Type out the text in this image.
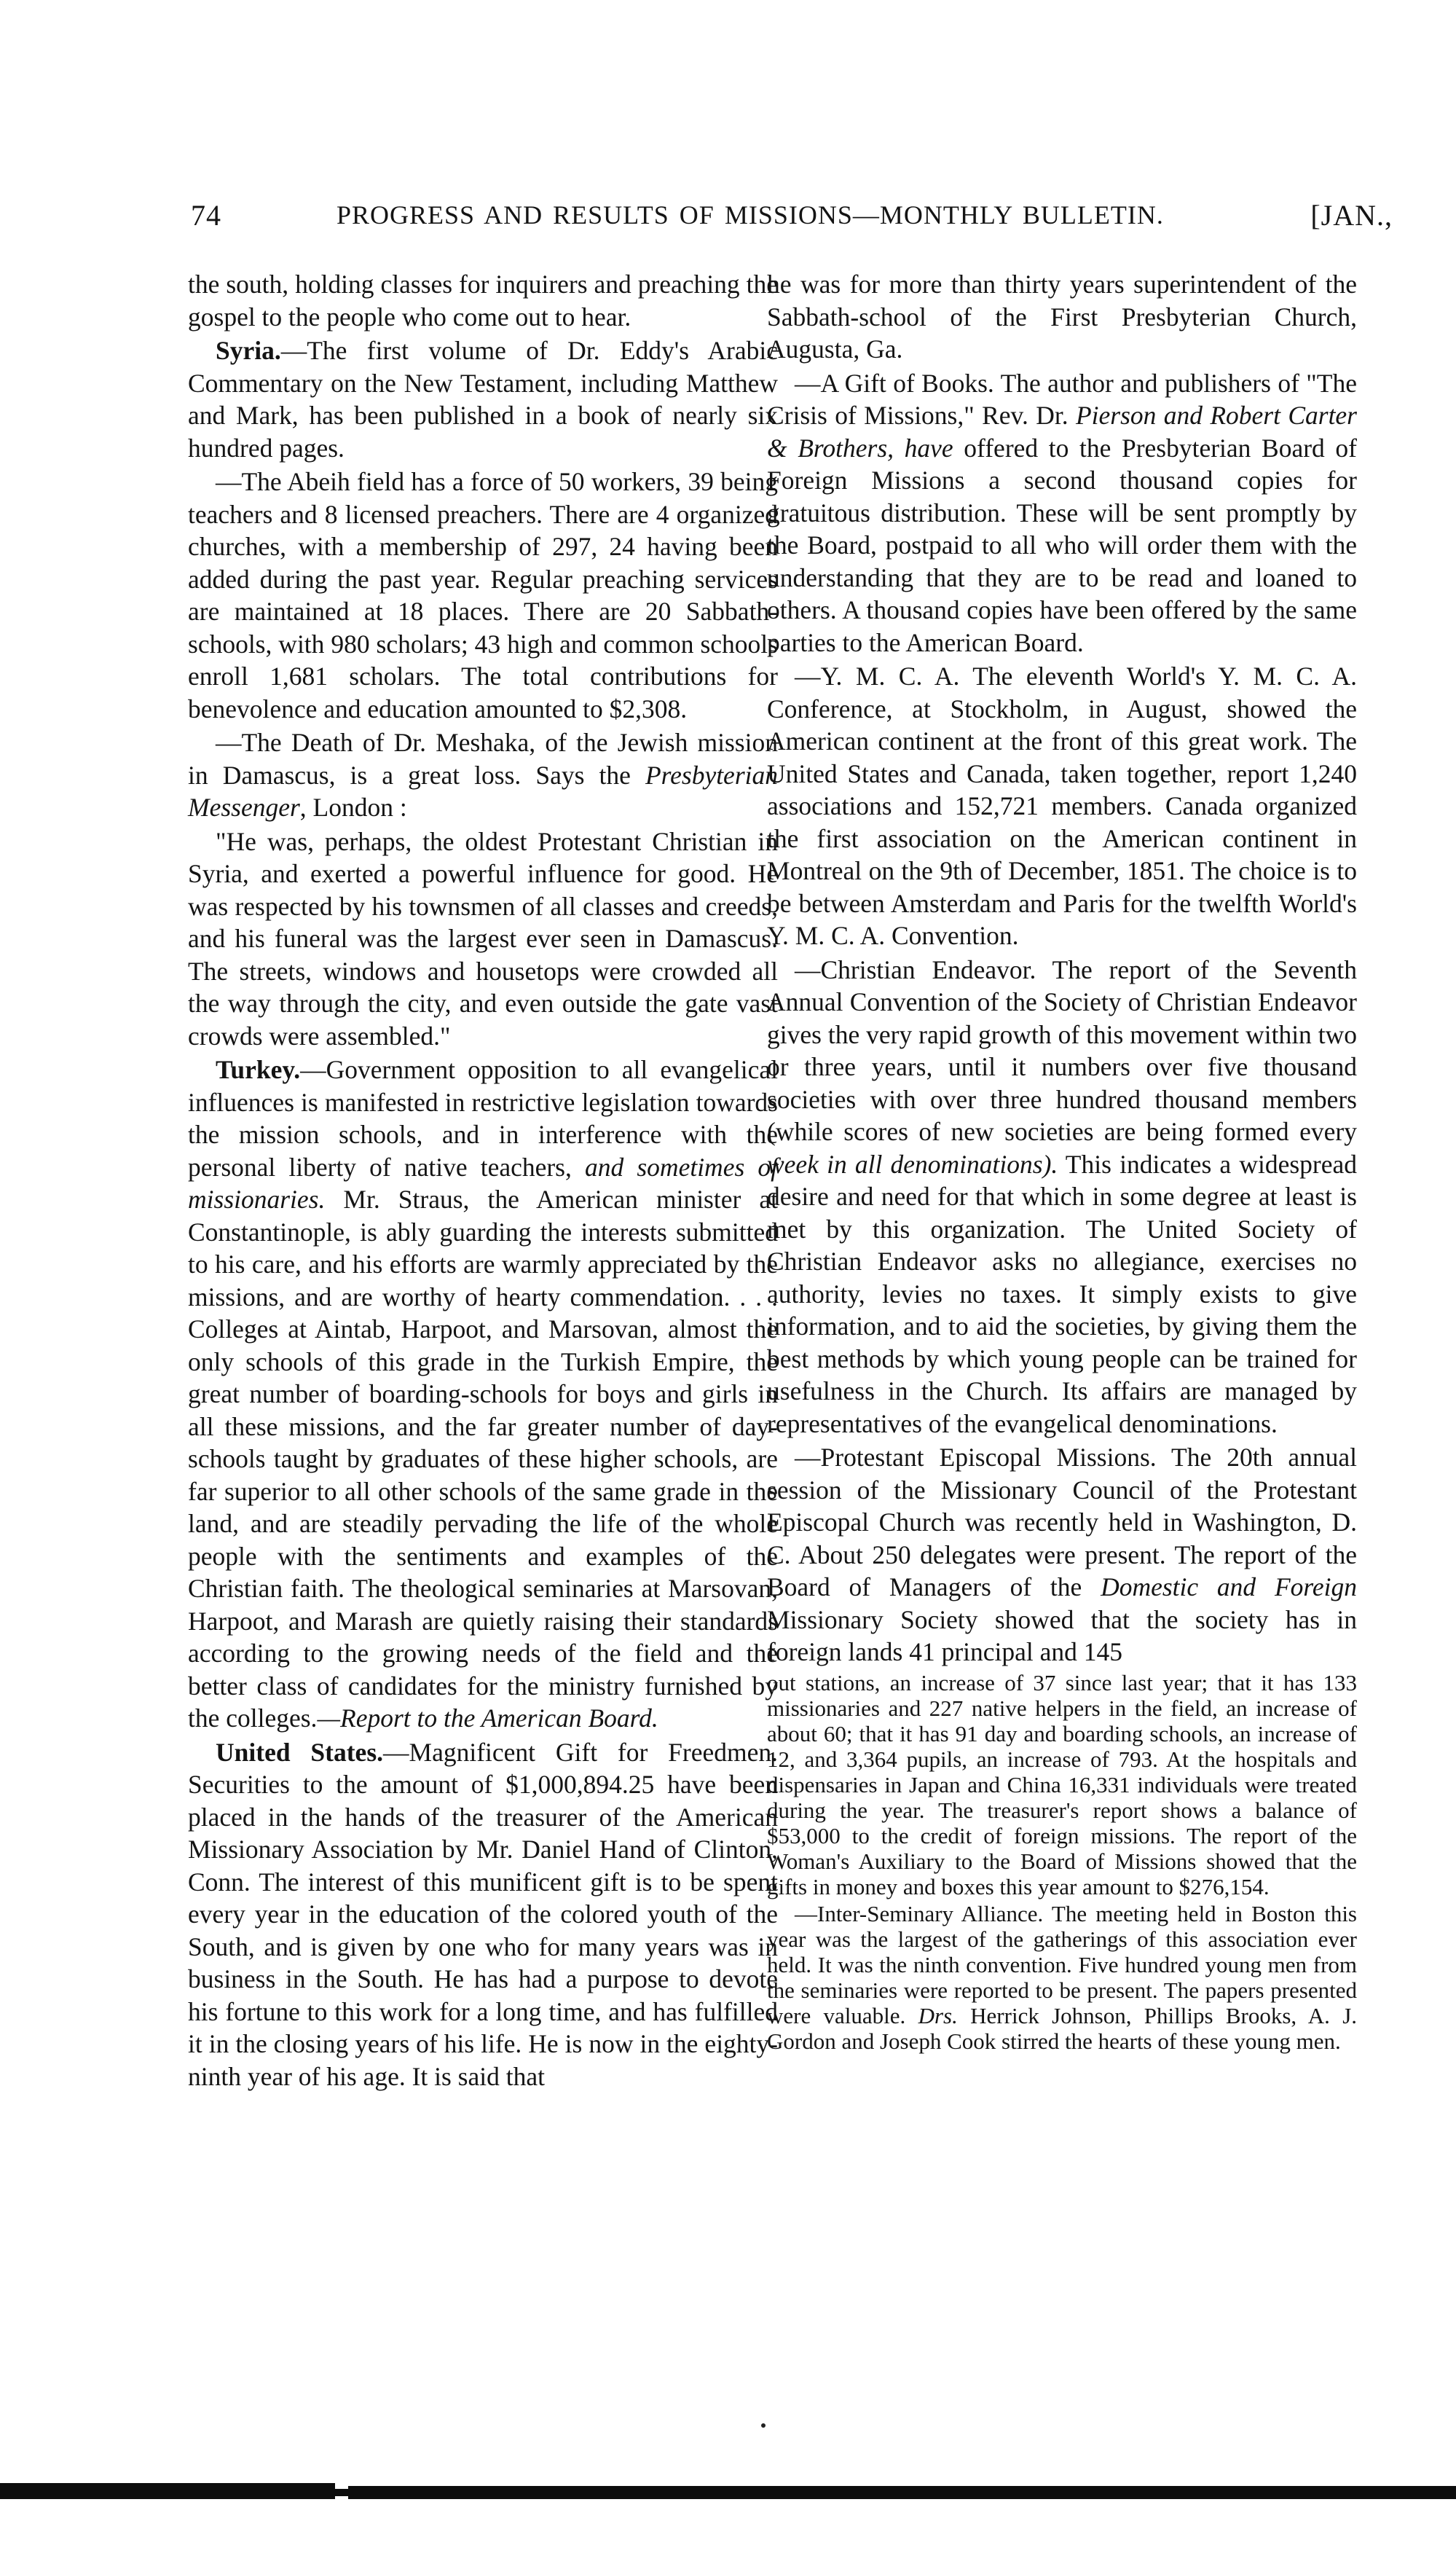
74	PROGRESS AND RESULTS OF MISSIONS—MONTHLY BULLETIN.	[JAN.,

the south, holding classes for inquirers and preaching the gospel to the people who come out to hear.

Syria.—The first volume of Dr. Eddy's Arabic Commentary on the New Testament, including Matthew and Mark, has been published in a book of nearly six hundred pages.

—The Abeih field has a force of 50 workers, 39 being teachers and 8 licensed preachers. There are 4 organized churches, with a membership of 297, 24 having been added during the past year. Regular preaching services are maintained at 18 places. There are 20 Sabbath-schools, with 980 scholars; 43 high and common schools enroll 1,681 scholars. The total contributions for benevolence and education amounted to $2,308.

—The Death of Dr. Meshaka, of the Jewish mission in Damascus, is a great loss. Says the Presbyterian Messenger, London :

"He was, perhaps, the oldest Protestant Christian in Syria, and exerted a powerful influence for good. He was respected by his townsmen of all classes and creeds, and his funeral was the largest ever seen in Damascus. The streets, windows and housetops were crowded all the way through the city, and even outside the gate vast crowds were assembled."

Turkey.—Government opposition to all evangelical influences is manifested in restrictive legislation towards the mission schools, and in interference with the personal liberty of native teachers, and sometimes of missionaries. Mr. Straus, the American minister at Constantinople, is ably guarding the interests submitted to his care, and his efforts are warmly appreciated by the missions, and are worthy of hearty commendation. . . . Colleges at Aintab, Harpoot, and Marsovan, almost the only schools of this grade in the Turkish Empire, the great number of boarding-schools for boys and girls in all these missions, and the far greater number of day-schools taught by graduates of these higher schools, are far superior to all other schools of the same grade in the land, and are steadily pervading the life of the whole people with the sentiments and examples of the Christian faith. The theological seminaries at Marsovan, Harpoot, and Marash are quietly raising their standards according to the growing needs of the field and the better class of candidates for the ministry furnished by the colleges.—Report to the American Board.

United States.—Magnificent Gift for Freedmen. Securities to the amount of $1,000,894.25 have been placed in the hands of the treasurer of the American Missionary Association by Mr. Daniel Hand of Clinton, Conn. The interest of this munificent gift is to be spent every year in the education of the colored youth of the South, and is given by one who for many years was in business in the South. He has had a purpose to devote his fortune to this work for a long time, and has fulfilled it in the closing years of his life. He is now in the eighty-ninth year of his age. It is said that

he was for more than thirty years superintendent of the Sabbath-school of the First Presbyterian Church, Augusta, Ga.

—A Gift of Books. The author and publishers of "The Crisis of Missions," Rev. Dr. Pierson and Robert Carter & Brothers, have offered to the Presbyterian Board of Foreign Missions a second thousand copies for gratuitous distribution. These will be sent promptly by the Board, postpaid to all who will order them with the understanding that they are to be read and loaned to others. A thousand copies have been offered by the same parties to the American Board.

—Y. M. C. A. The eleventh World's Y. M. C. A. Conference, at Stockholm, in August, showed the American continent at the front of this great work. The United States and Canada, taken together, report 1,240 associations and 152,721 members. Canada organized the first association on the American continent in Montreal on the 9th of December, 1851. The choice is to be between Amsterdam and Paris for the twelfth World's Y. M. C. A. Convention.

—Christian Endeavor. The report of the Seventh Annual Convention of the Society of Christian Endeavor gives the very rapid growth of this movement within two or three years, until it numbers over five thousand societies with over three hundred thousand members (while scores of new societies are being formed every week in all denominations). This indicates a widespread desire and need for that which in some degree at least is met by this organization. The United Society of Christian Endeavor asks no allegiance, exercises no authority, levies no taxes. It simply exists to give information, and to aid the societies, by giving them the best methods by which young people can be trained for usefulness in the Church. Its affairs are managed by representatives of the evangelical denominations.

—Protestant Episcopal Missions. The 20th annual session of the Missionary Council of the Protestant Episcopal Church was recently held in Washington, D. C. About 250 delegates were present. The report of the Board of Managers of the Domestic and Foreign Missionary Society showed that the society has in foreign lands 41 principal and 145

out stations, an increase of 37 since last year; that it has 133 missionaries and 227 native helpers in the field, an increase of about 60; that it has 91 day and boarding schools, an increase of 12, and 3,364 pupils, an increase of 793. At the hospitals and dispensaries in Japan and China 16,331 individuals were treated during the year. The treasurer's report shows a balance of $53,000 to the credit of foreign missions. The report of the Woman's Auxiliary to the Board of Missions showed that the gifts in money and boxes this year amount to $276,154.

—Inter-Seminary Alliance. The meeting held in Boston this year was the largest of the gatherings of this association ever held. It was the ninth convention. Five hundred young men from the seminaries were reported to be present. The papers presented were valuable. Drs. Herrick Johnson, Phillips Brooks, A. J. Gordon and Joseph Cook stirred the hearts of these young men.
